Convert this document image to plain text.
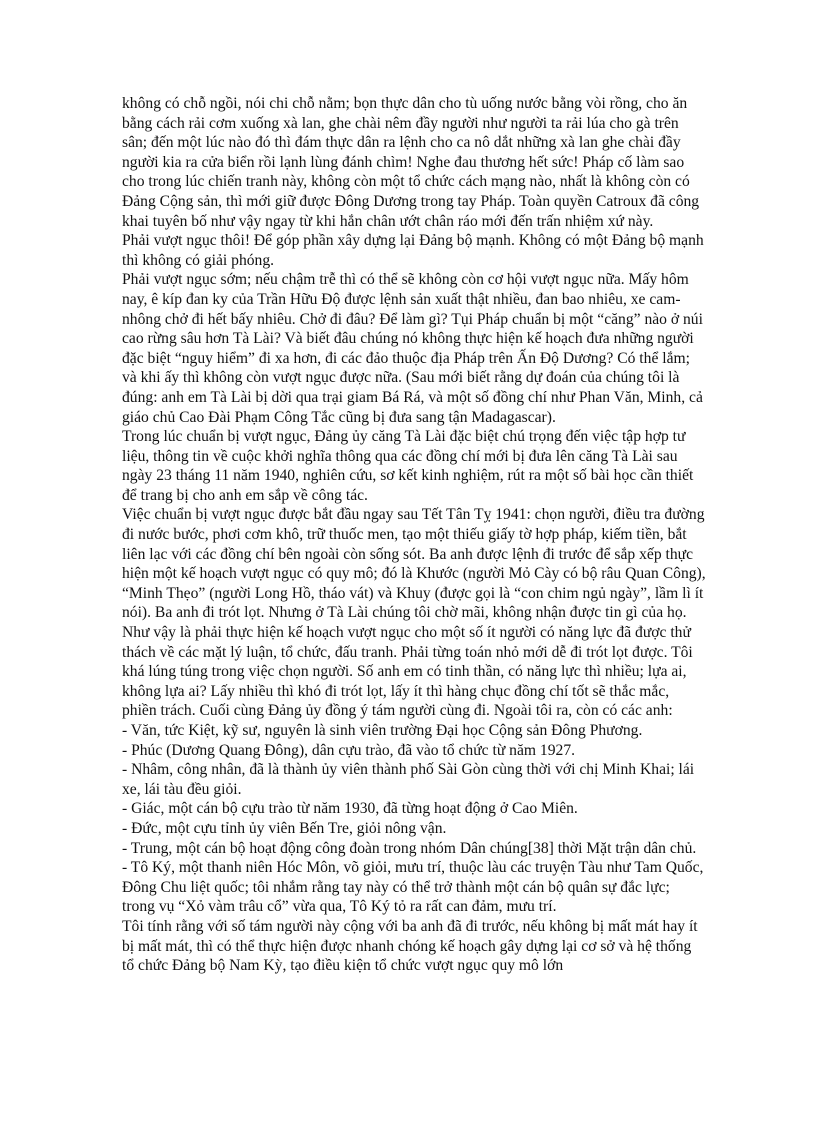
không có chỗ ngồi, nói chi chỗ nằm; bọn thực dân cho tù uống nước bằng vòi rồng, cho ăn bằng cách rải cơm xuống xà lan, ghe chài nêm đầy người như người ta rải lúa cho gà trên sân; đến một lúc nào đó thì đám thực dân ra lệnh cho ca nô dắt những xà lan ghe chài đầy người kia ra cửa biển rồi lạnh lùng đánh chìm! Nghe đau thương hết sức! Pháp cố làm sao cho trong lúc chiến tranh này, không còn một tổ chức cách mạng nào, nhất là không còn có Đảng Cộng sản, thì mới giữ được Đông Dương trong tay Pháp. Toàn quyền Catroux đã công khai tuyên bố như vậy ngay từ khi hắn chân ướt chân ráo mới đến trấn nhiệm xứ này.

Phải vượt ngục thôi! Để góp phần xây dựng lại Đảng bộ mạnh. Không có một Đảng bộ mạnh thì không có giải phóng.

Phải vượt ngục sớm; nếu chậm trễ thì có thể sẽ không còn cơ hội vượt ngục nữa. Mấy hôm nay, ê kíp đan ky của Trần Hữu Độ được lệnh sản xuất thật nhiều, đan bao nhiêu, xe cam-nhông chở đi hết bấy nhiêu. Chở đi đâu? Để làm gì? Tụi Pháp chuẩn bị một “căng” nào ở núi cao rừng sâu hơn Tà Lài? Và biết đâu chúng nó không thực hiện kế hoạch đưa những người đặc biệt “nguy hiểm” đi xa hơn, đi các đảo thuộc địa Pháp trên Ấn Độ Dương? Có thể lắm; và khi ấy thì không còn vượt ngục được nữa. (Sau mới biết rằng dự đoán của chúng tôi là đúng: anh em Tà Lài bị dời qua trại giam Bá Rá, và một số đồng chí như Phan Văn, Minh, cả giáo chủ Cao Đài Phạm Công Tắc cũng bị đưa sang tận Madagascar).

Trong lúc chuẩn bị vượt ngục, Đảng ủy căng Tà Lài đặc biệt chú trọng đến việc tập hợp tư liệu, thông tin về cuộc khởi nghĩa thông qua các đồng chí mới bị đưa lên căng Tà Lài sau ngày 23 tháng 11 năm 1940, nghiên cứu, sơ kết kinh nghiệm, rút ra một số bài học cần thiết để trang bị cho anh em sắp về công tác.

Việc chuẩn bị vượt ngục được bắt đầu ngay sau Tết Tân Tỵ 1941: chọn người, điều tra đường đi nước bước, phơi cơm khô, trữ thuốc men, tạo một thiếu giấy tờ hợp pháp, kiếm tiền, bắt liên lạc với các đồng chí bên ngoài còn sống sót. Ba anh được lệnh đi trước để sắp xếp thực hiện một kế hoạch vượt ngục có quy mô; đó là Khước (người Mỏ Cày có bộ râu Quan Công), “Minh Thẹo” (người Long Hồ, tháo vát) và Khuy (được gọi là “con chim ngủ ngày”, lầm lì ít nói). Ba anh đi trót lọt. Nhưng ở Tà Lài chúng tôi chờ mãi, không nhận được tin gì của họ. Như vậy là phải thực hiện kế hoạch vượt ngục cho một số ít người có năng lực đã được thử thách về các mặt lý luận, tổ chức, đấu tranh. Phải từng toán nhỏ mới dễ đi trót lọt được. Tôi khá lúng túng trong việc chọn người. Số anh em có tinh thần, có năng lực thì nhiều; lựa ai, không lựa ai? Lấy nhiều thì khó đi trót lọt, lấy ít thì hàng chục đồng chí tốt sẽ thắc mắc, phiền trách. Cuối cùng Đảng ủy đồng ý tám người cùng đi. Ngoài tôi ra, còn có các anh:

- Văn, tức Kiệt, kỹ sư, nguyên là sinh viên trường Đại học Cộng sản Đông Phương.

- Phúc (Dương Quang Đông), dân cựu trào, đã vào tổ chức từ năm 1927.

- Nhâm, công nhân, đã là thành ủy viên thành phố Sài Gòn cùng thời với chị Minh Khai; lái xe, lái tàu đều giỏi.

- Giác, một cán bộ cựu trào từ năm 1930, đã từng hoạt động ở Cao Miên.

- Đức, một cựu tỉnh ủy viên Bến Tre, giỏi nông vận.

- Trung, một cán bộ hoạt động công đoàn trong nhóm Dân chúng[38] thời Mặt trận dân chủ.

- Tô Ký, một thanh niên Hóc Môn, võ giỏi, mưu trí, thuộc làu các truyện Tàu như Tam Quốc, Đông Chu liệt quốc; tôi nhắm rằng tay này có thể trở thành một cán bộ quân sự đắc lực; trong vụ “Xỏ vàm trâu cổ” vừa qua, Tô Ký tỏ ra rất can đảm, mưu trí.

Tôi tính rằng với số tám người này cộng với ba anh đã đi trước, nếu không bị mất mát hay ít bị mất mát, thì có thể thực hiện được nhanh chóng kế hoạch gây dựng lại cơ sở và hệ thống tổ chức Đảng bộ Nam Kỳ, tạo điều kiện tổ chức vượt ngục quy mô lớn
